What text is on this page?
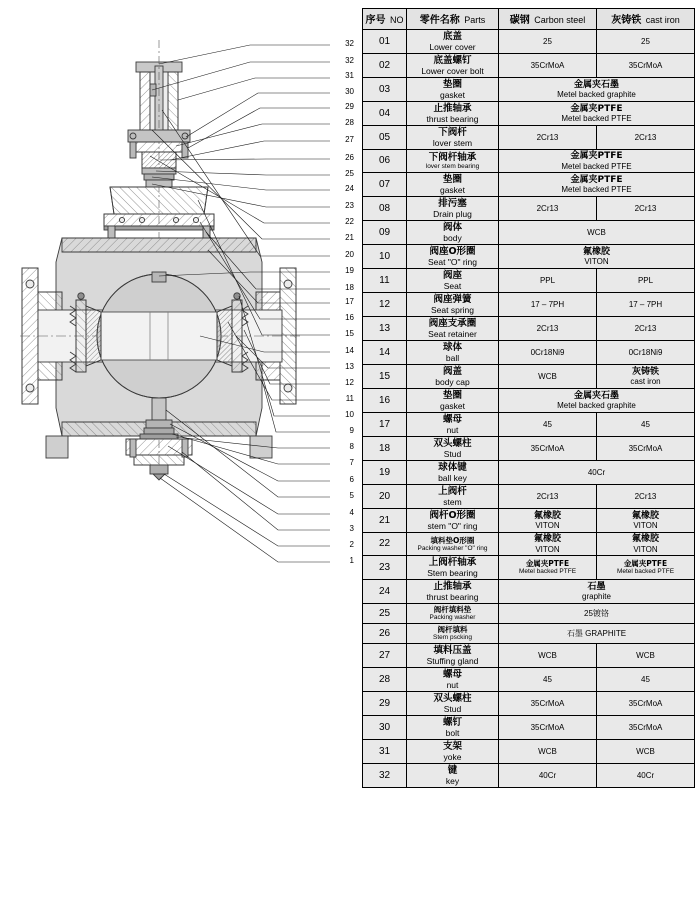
32
32
31
30
29
28
27
26
25
24
23
22
21
20
19
18
17
16
15
14
13
12
11
10
9
8
7
6
5
4
3
2
1
序号 NO	零件名称 Parts	碳钢 Carbon steel	灰铸铁 cast iron
01	底盖
Lower cover	25	25

02	底盖螺钉
Lower cover bolt	35CrMoA	35CrMoA

03	垫圈
gasket	金属夹石墨
Metel backed graphite	

04	止推轴承
thrust bearing	金属夹PTFE
Metel backed PTFE	

05	下阀杆
lover stem	2Cr13	2Cr13

06	下阀杆轴承
lover stem bearing	金属夹PTFE
Metel backed PTFE	

07	垫圈
gasket	金属夹PTFE
Metel backed PTFE	

08	排污塞
Drain plug	2Cr13	2Cr13

09	阀体
body	WCB	

10	阀座O形圈
Seat "O" ring	氟橡胶
VITON	

11	阀座
Seat	PPL	PPL

12	阀座弹簧
Seat spring	17 – 7PH	17 – 7PH

13	阀座支承圈
Seat retainer	2Cr13	2Cr13

14	球体
ball	0Cr18Ni9	0Cr18Ni9

15	阀盖
body cap	WCB	灰铸铁
cast iron

16	垫圈
gasket	金属夹石墨
Metel backed graphite	

17	螺母
nut	45	45

18	双头螺柱
Stud	35CrMoA	35CrMoA

19	球体键
ball key	40Cr	

20	上阀杆
stem	2Cr13	2Cr13

21	阀杆O形圈
stem "O" ring	氟橡胶
VITON	氟橡胶
VITON

22	填料垫O形圈
Packing washer "O" ring	氟橡胶
VITON	氟橡胶
VITON

23	上阀杆轴承
Stem bearing	金属夹PTFE
Metel backed PTFE	金属夹PTFE
Metel backed PTFE

24	止推轴承
thrust bearing	石墨
graphite	

25	阀杆填料垫
Packing washer	25镀铬	

26	阀杆填料
Stem pscking	石墨 GRAPHITE	

27	填料压盖
Stuffing gland	WCB	WCB

28	螺母
nut	45	45

29	双头螺柱
Stud	35CrMoA	35CrMoA

30	螺钉
bolt	35CrMoA	35CrMoA

31	支架
yoke	WCB	WCB

32	键
key	40Cr	40Cr
